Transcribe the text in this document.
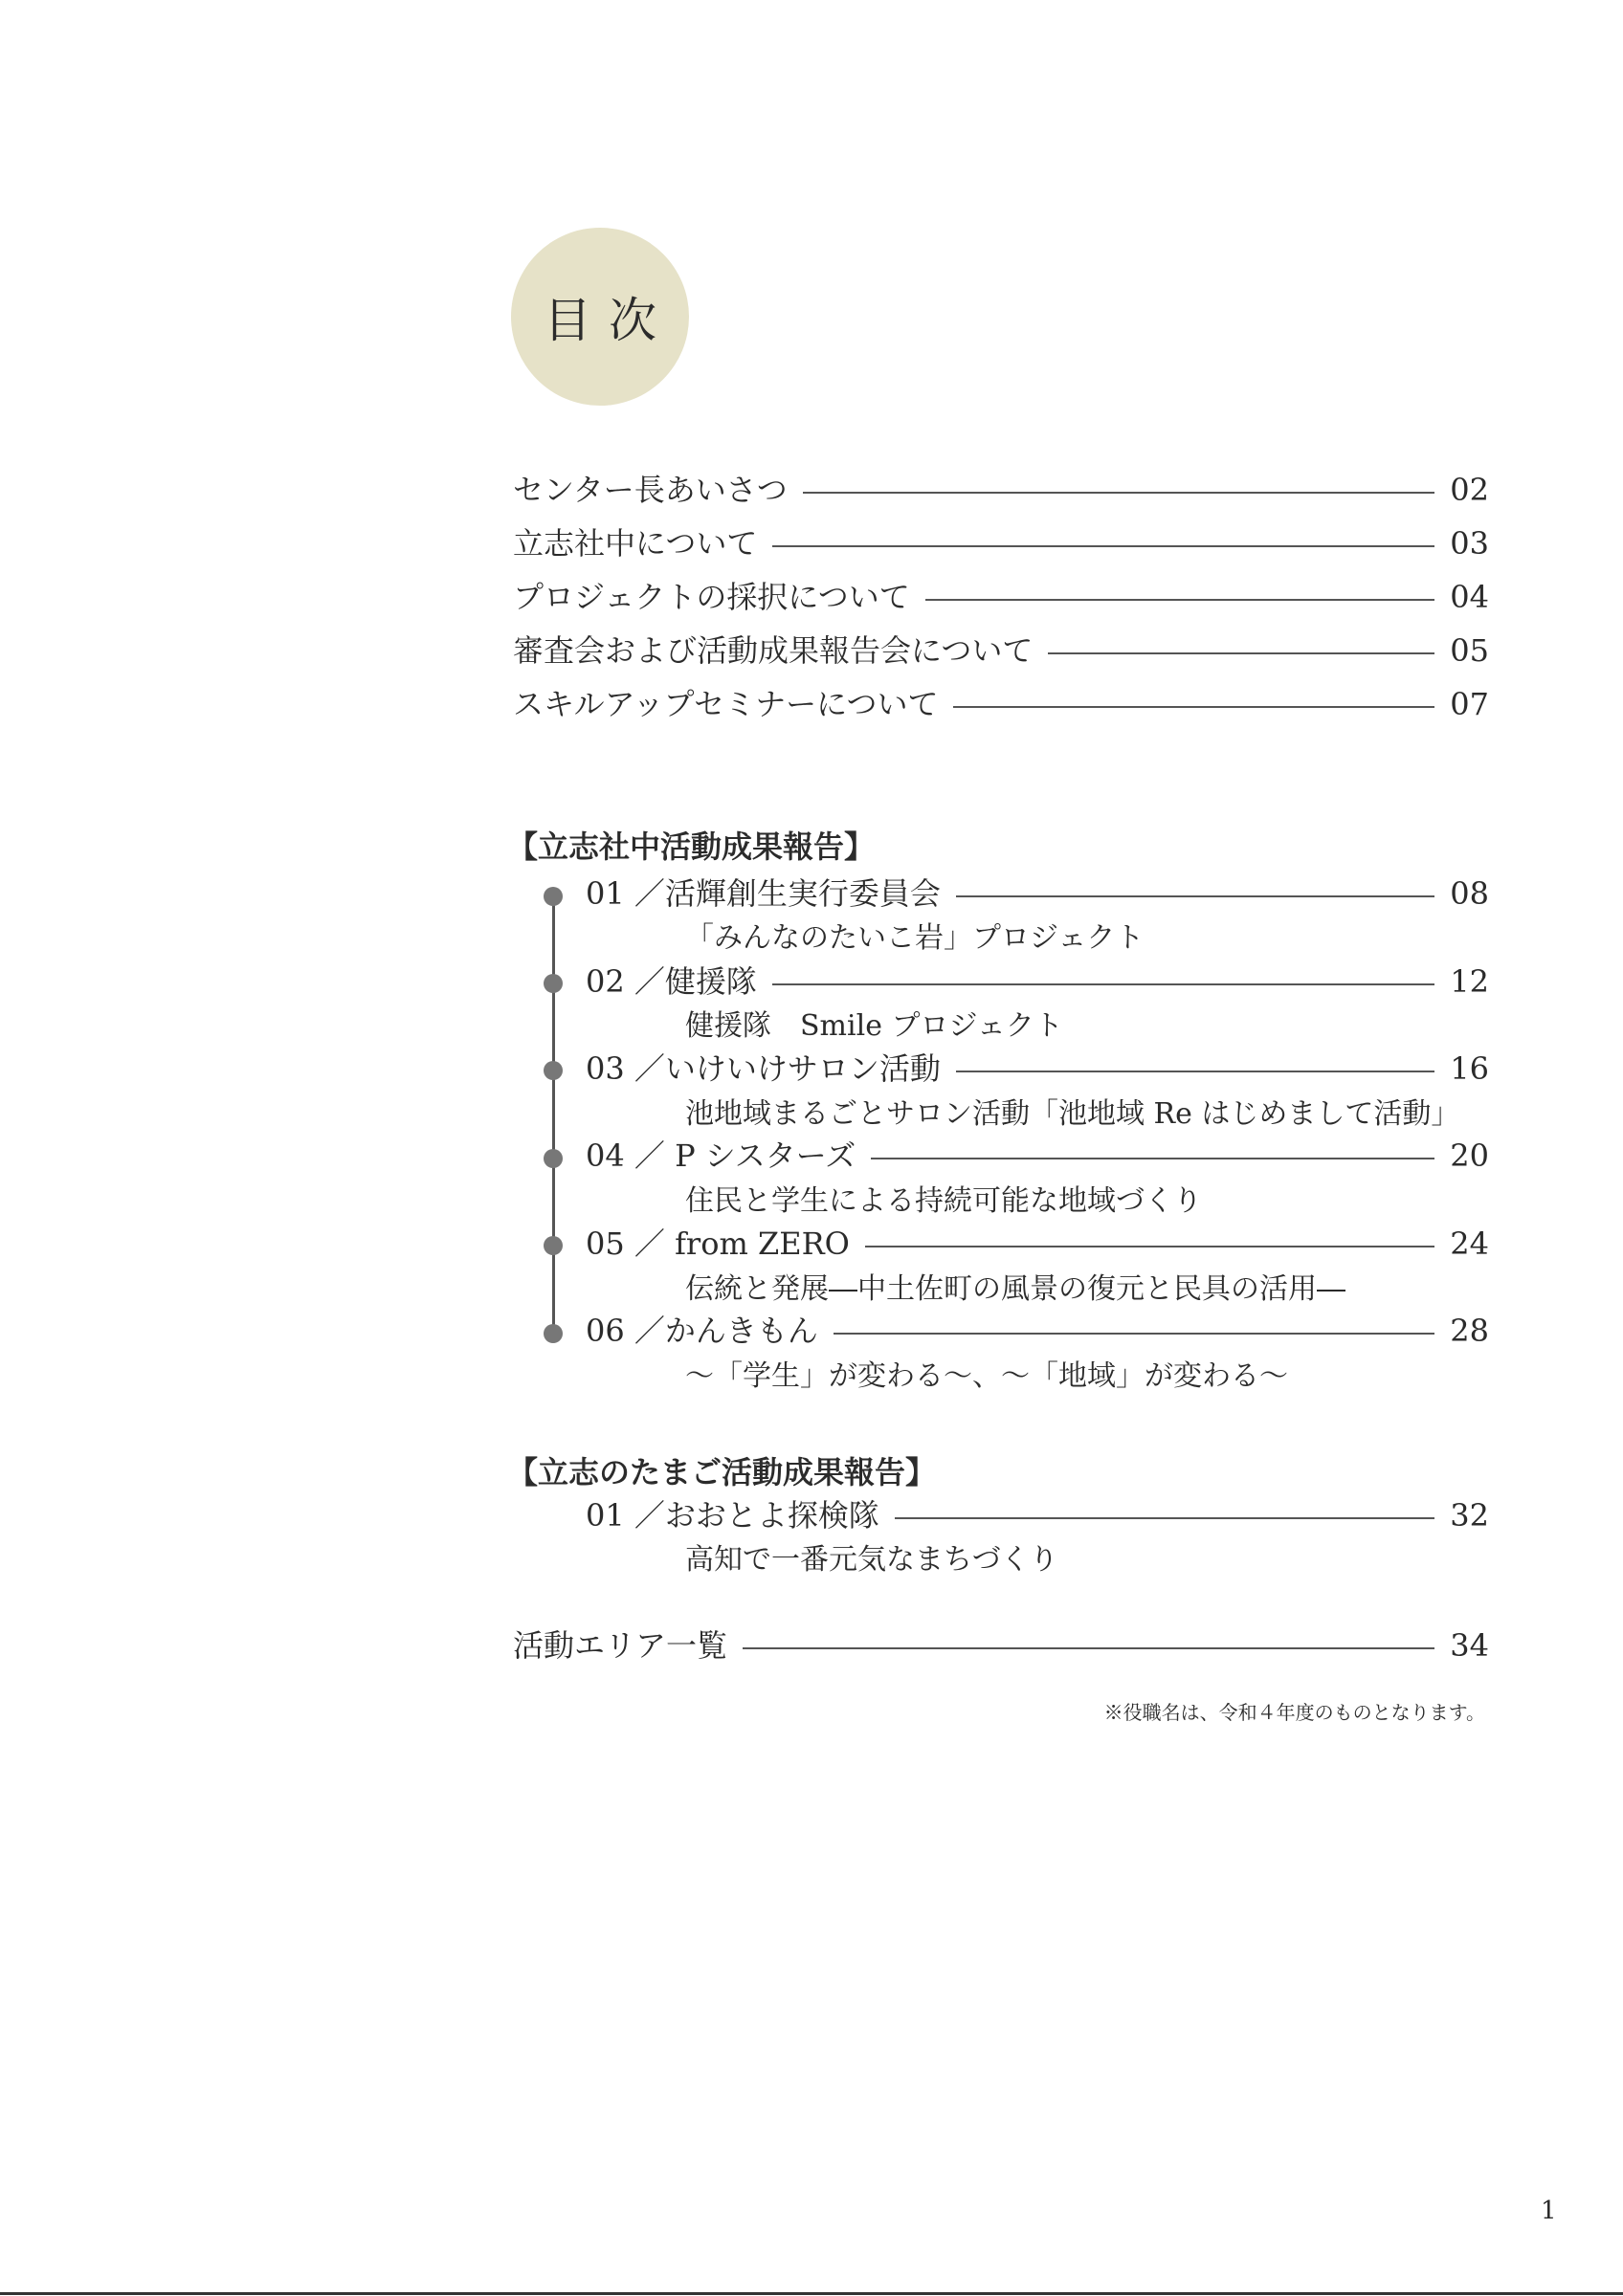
目次
センター長あいさつ	02
立志社中について	03
プロジェクトの採択について	04
審査会および活動成果報告会について	05
スキルアップセミナーについて	07
【立志社中活動成果報告】
01 ／活輝創生実行委員会	08
「みんなのたいこ岩」プロジェクト
02 ／健援隊	12
健援隊　Smile プロジェクト
03 ／いけいけサロン活動	16
池地域まるごとサロン活動「池地域 Re はじめまして活動」
04 ／ P シスターズ	20
住民と学生による持続可能な地域づくり
05 ／ from ZERO	24
伝統と発展―中土佐町の風景の復元と民具の活用―
06 ／かんきもん	28
～「学生」が変わる～、～「地域」が変わる～
【立志のたまご活動成果報告】
01 ／おおとよ探検隊	32
高知で一番元気なまちづくり
活動エリア一覧	34
※役職名は、令和４年度のものとなります。
1
